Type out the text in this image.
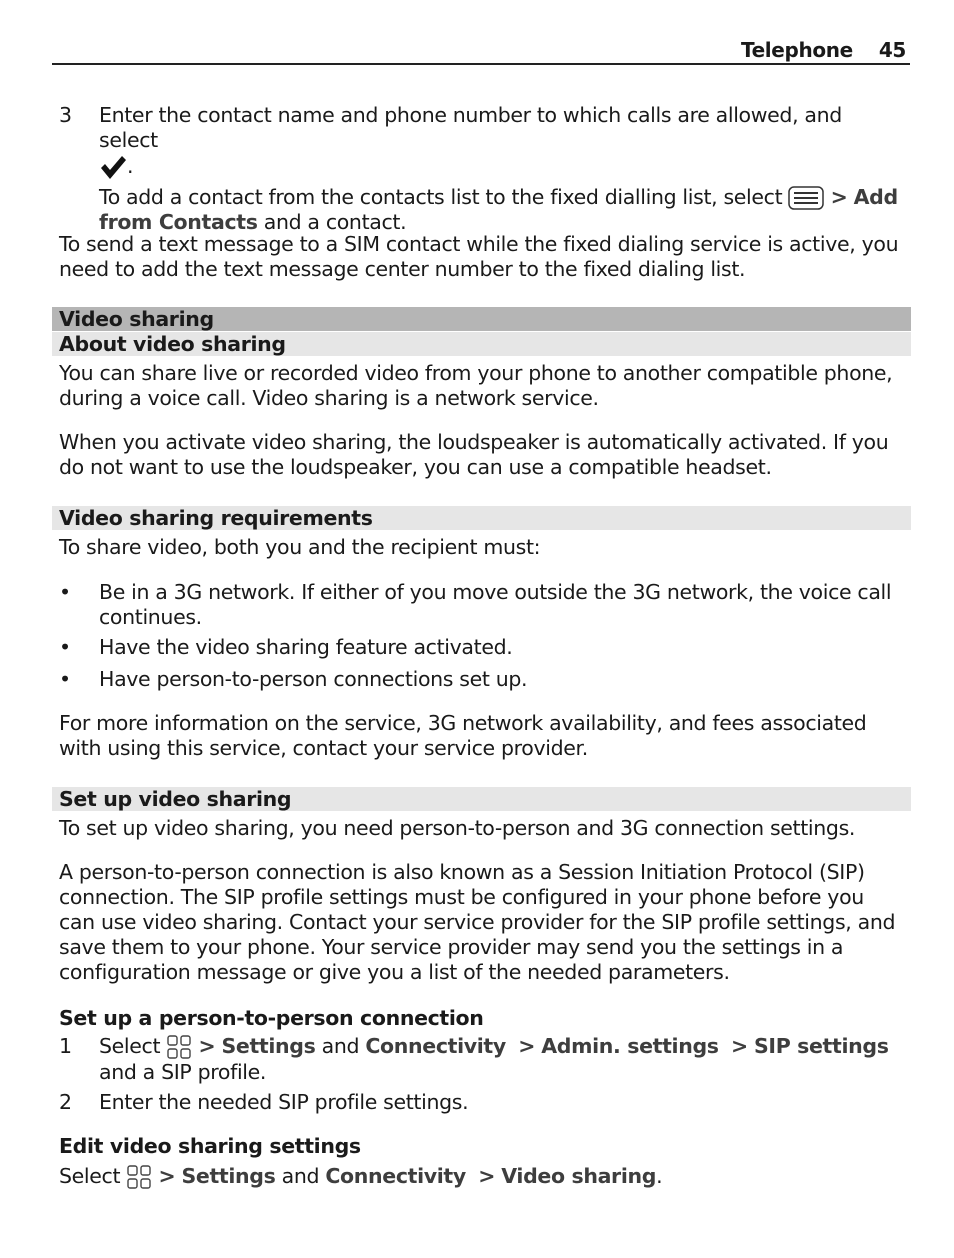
Telephone 45
3 Enter the contact name and phone number to which calls are allowed, and select

.

To add a contact from the contacts list to the fixed dialling list, select > Add from Contacts and a contact.

To send a text message to a SIM contact while the fixed dialing service is active, you need to add the text message center number to the fixed dialing list.

Video sharing
About video sharing

You can share live or recorded video from your phone to another compatible phone, during a voice call. Video sharing is a network service.

When you activate video sharing, the loudspeaker is automatically activated. If you do not want to use the loudspeaker, you can use a compatible headset.

Video sharing requirements

To share video, both you and the recipient must:

• Be in a 3G network. If either of you move outside the 3G network, the voice call continues.
• Have the video sharing feature activated.
• Have person-to-person connections set up.

For more information on the service, 3G network availability, and fees associated with using this service, contact your service provider.

Set up video sharing

To set up video sharing, you need person-to-person and 3G connection settings.

A person-to-person connection is also known as a Session Initiation Protocol (SIP) connection. The SIP profile settings must be configured in your phone before you can use video sharing. Contact your service provider for the SIP profile settings, and save them to your phone. Your service provider may send you the settings in a configuration message or give you a list of the needed parameters.

Set up a person-to-person connection
1 Select > Settings and Connectivity > Admin. settings > SIP settings and a SIP profile.

2 Enter the needed SIP profile settings.
Edit video sharing settings

Select > Settings and Connectivity > Video sharing.
